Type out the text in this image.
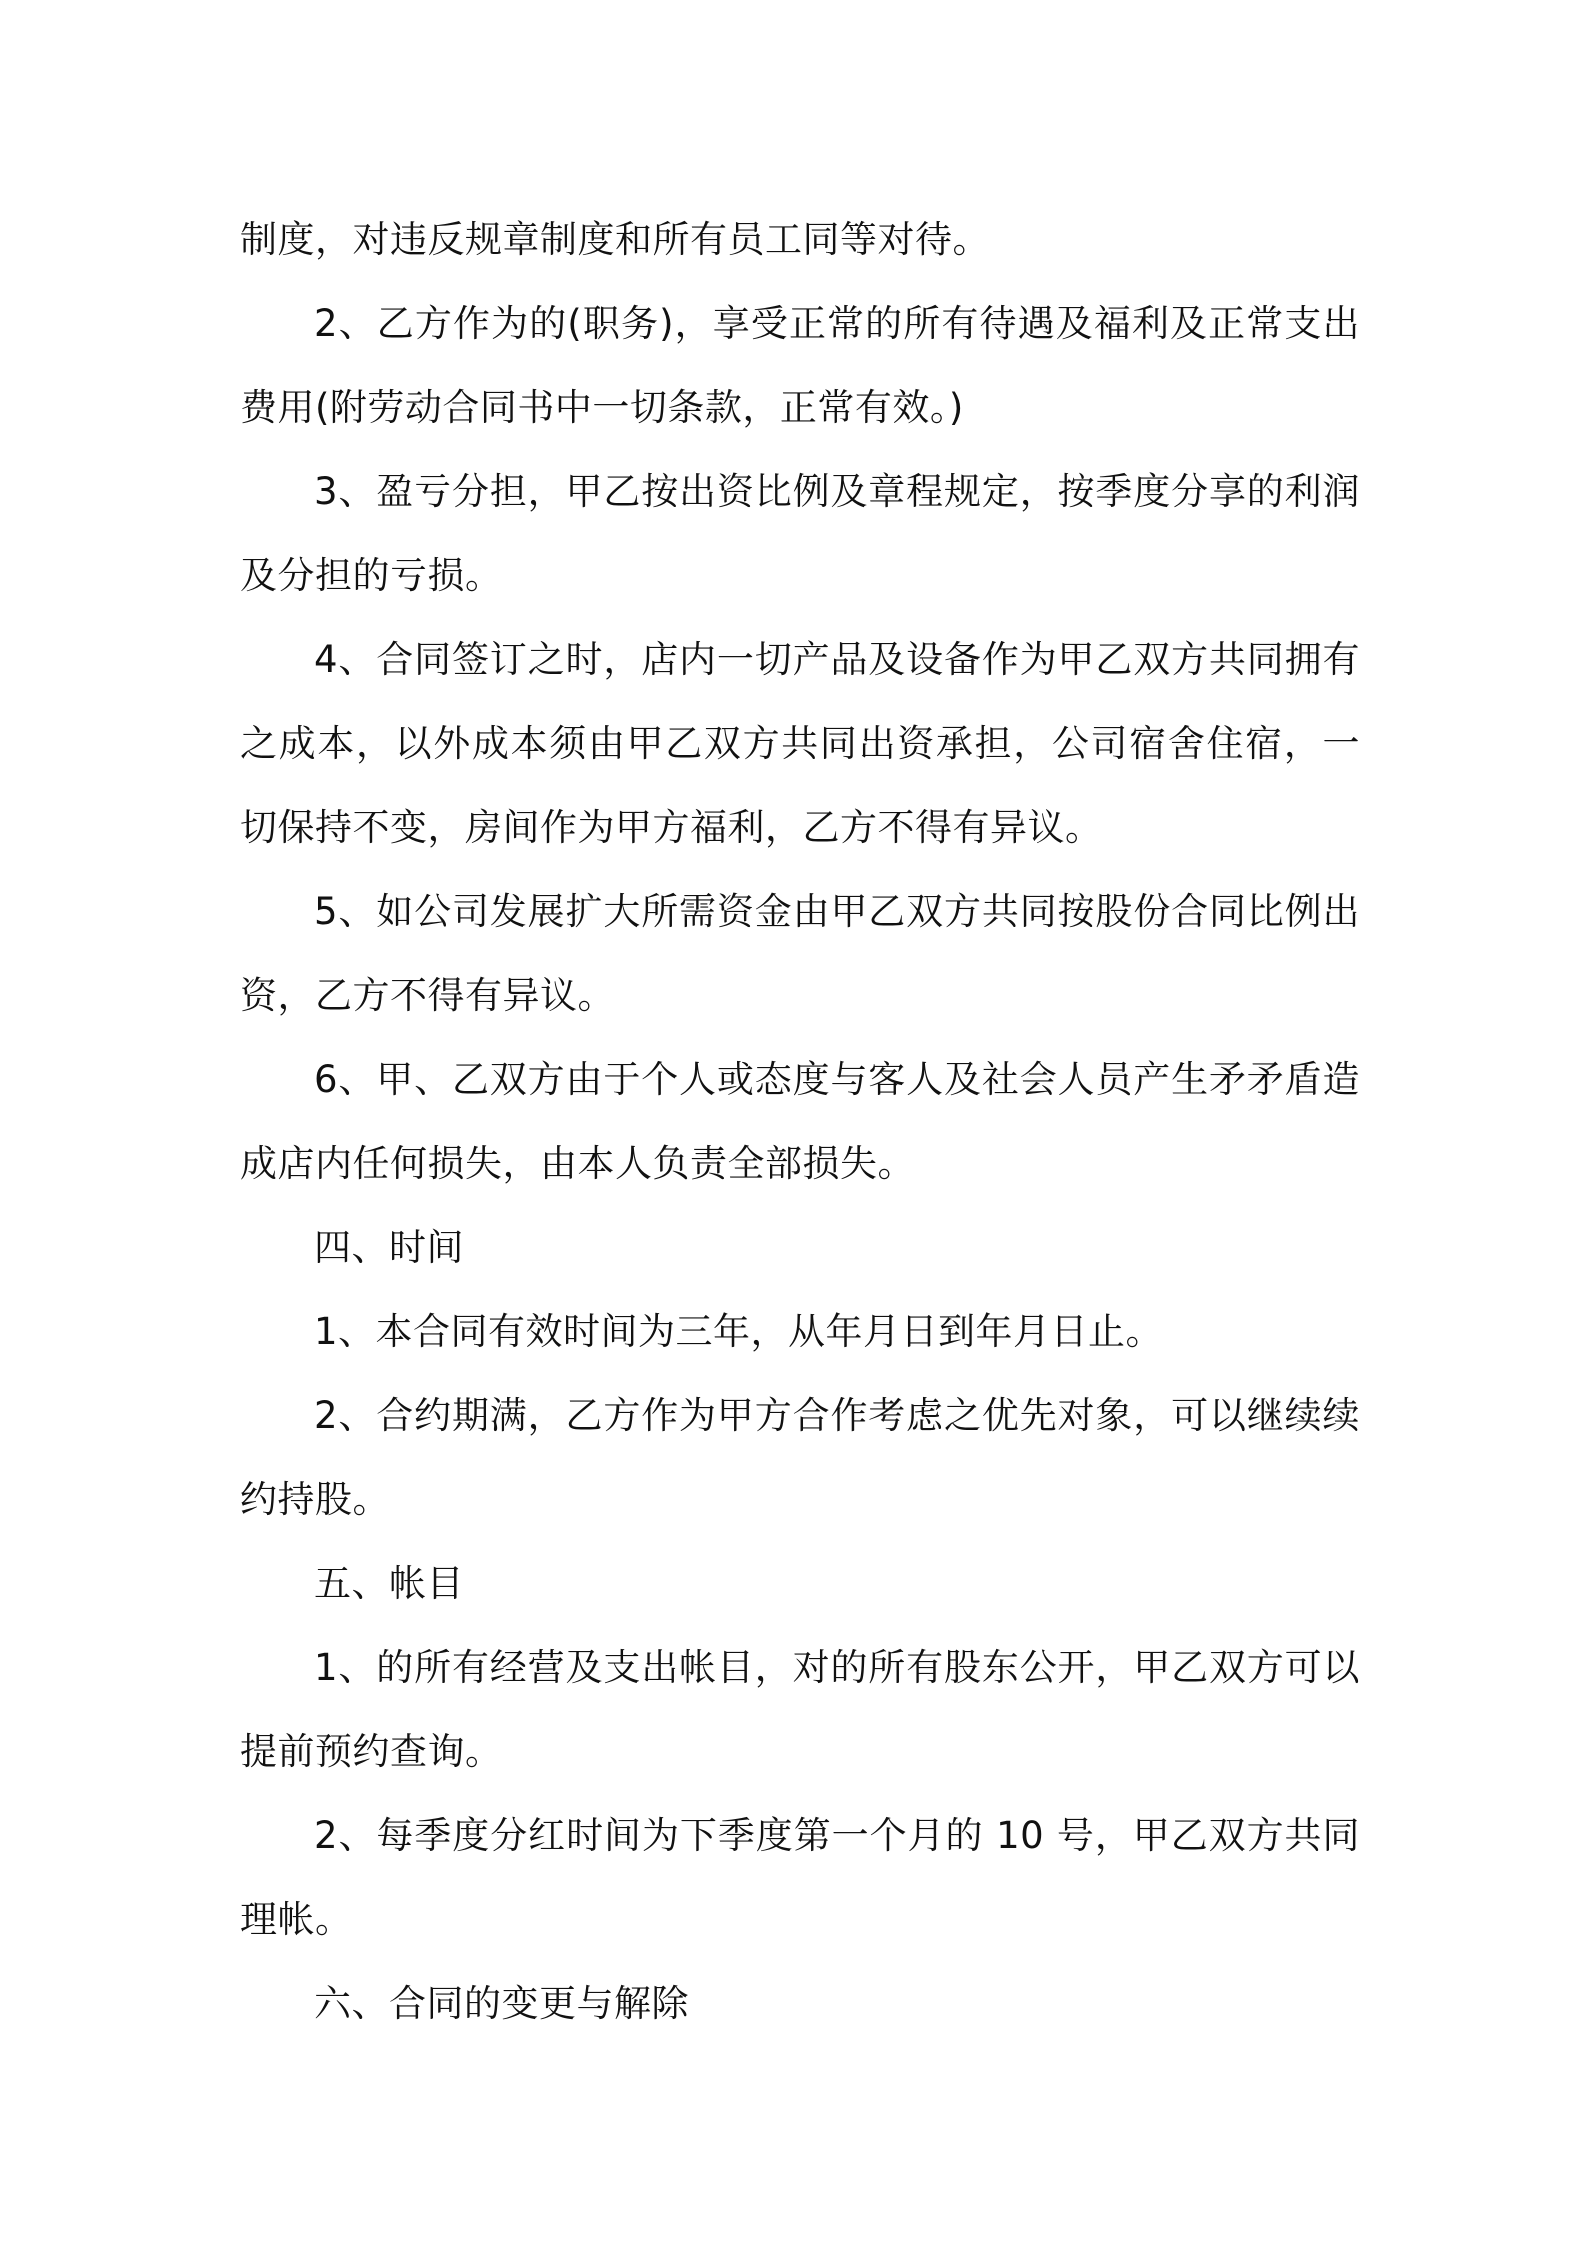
制度，对违反规章制度和所有员工同等对待。

2、乙方作为的(职务)，享受正常的所有待遇及福利及正常支出费用(附劳动合同书中一切条款，正常有效。)

3、盈亏分担，甲乙按出资比例及章程规定，按季度分享的利润及分担的亏损。

4、合同签订之时，店内一切产品及设备作为甲乙双方共同拥有之成本，以外成本须由甲乙双方共同出资承担，公司宿舍住宿，一切保持不变，房间作为甲方福利，乙方不得有异议。

5、如公司发展扩大所需资金由甲乙双方共同按股份合同比例出资，乙方不得有异议。

6、甲、乙双方由于个人或态度与客人及社会人员产生矛矛盾造成店内任何损失，由本人负责全部损失。

四、时间

1、本合同有效时间为三年，从年月日到年月日止。

2、合约期满，乙方作为甲方合作考虑之优先对象，可以继续续约持股。

五、帐目

1、的所有经营及支出帐目，对的所有股东公开，甲乙双方可以提前预约查询。

2、每季度分红时间为下季度第一个月的 10 号，甲乙双方共同理帐。

六、合同的变更与解除
